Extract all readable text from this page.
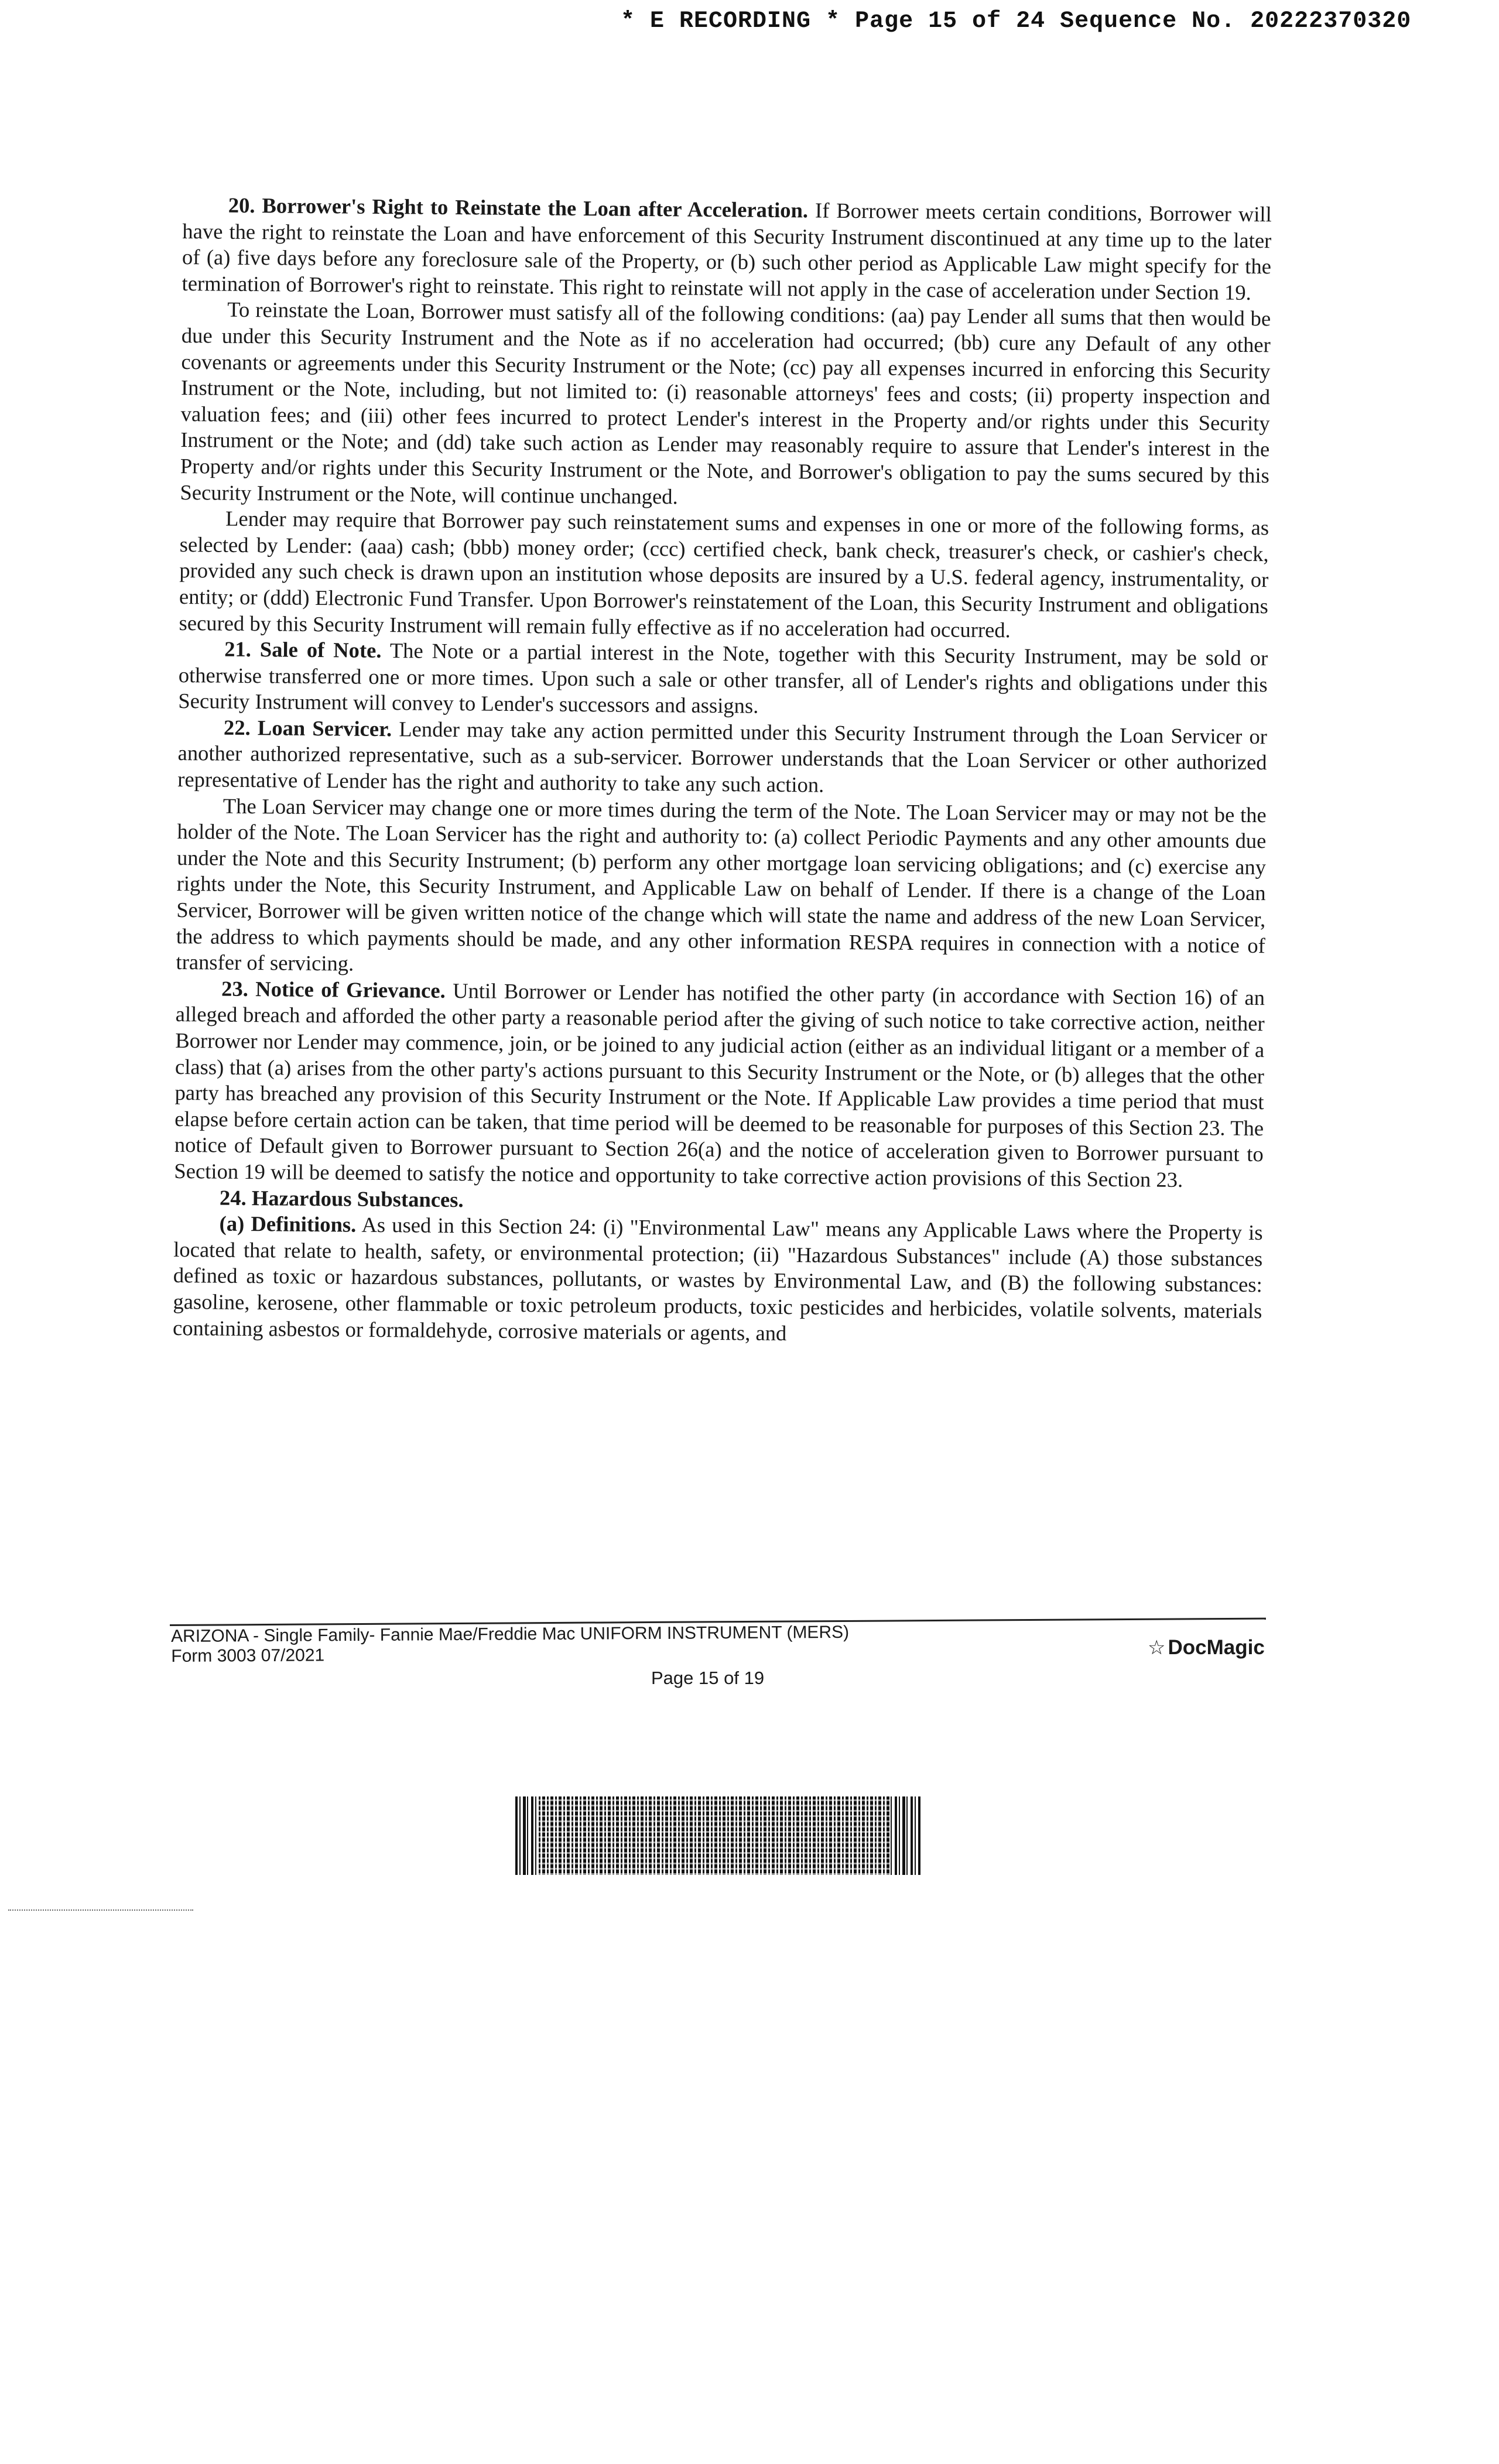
* E RECORDING * Page 15 of 24 Sequence No. 20222370320

20. Borrower's Right to Reinstate the Loan after Acceleration. If Borrower meets certain conditions, Borrower will have the right to reinstate the Loan and have enforcement of this Security Instrument discontinued at any time up to the later of (a) five days before any foreclosure sale of the Property, or (b) such other period as Applicable Law might specify for the termination of Borrower's right to reinstate. This right to reinstate will not apply in the case of acceleration under Section 19.

To reinstate the Loan, Borrower must satisfy all of the following conditions: (aa) pay Lender all sums that then would be due under this Security Instrument and the Note as if no acceleration had occurred; (bb) cure any Default of any other covenants or agreements under this Security Instrument or the Note; (cc) pay all expenses incurred in enforcing this Security Instrument or the Note, including, but not limited to: (i) reasonable attorneys' fees and costs; (ii) property inspection and valuation fees; and (iii) other fees incurred to protect Lender's interest in the Property and/or rights under this Security Instrument or the Note; and (dd) take such action as Lender may reasonably require to assure that Lender's interest in the Property and/or rights under this Security Instrument or the Note, and Borrower's obligation to pay the sums secured by this Security Instrument or the Note, will continue unchanged.

Lender may require that Borrower pay such reinstatement sums and expenses in one or more of the following forms, as selected by Lender: (aaa) cash; (bbb) money order; (ccc) certified check, bank check, treasurer's check, or cashier's check, provided any such check is drawn upon an institution whose deposits are insured by a U.S. federal agency, instrumentality, or entity; or (ddd) Electronic Fund Transfer. Upon Borrower's reinstatement of the Loan, this Security Instrument and obligations secured by this Security Instrument will remain fully effective as if no acceleration had occurred.

21. Sale of Note. The Note or a partial interest in the Note, together with this Security Instrument, may be sold or otherwise transferred one or more times. Upon such a sale or other transfer, all of Lender's rights and obligations under this Security Instrument will convey to Lender's successors and assigns.

22. Loan Servicer. Lender may take any action permitted under this Security Instrument through the Loan Servicer or another authorized representative, such as a sub-servicer. Borrower understands that the Loan Servicer or other authorized representative of Lender has the right and authority to take any such action.

The Loan Servicer may change one or more times during the term of the Note. The Loan Servicer may or may not be the holder of the Note. The Loan Servicer has the right and authority to: (a) collect Periodic Payments and any other amounts due under the Note and this Security Instrument; (b) perform any other mortgage loan servicing obligations; and (c) exercise any rights under the Note, this Security Instrument, and Applicable Law on behalf of Lender. If there is a change of the Loan Servicer, Borrower will be given written notice of the change which will state the name and address of the new Loan Servicer, the address to which payments should be made, and any other information RESPA requires in connection with a notice of transfer of servicing.

23. Notice of Grievance. Until Borrower or Lender has notified the other party (in accordance with Section 16) of an alleged breach and afforded the other party a reasonable period after the giving of such notice to take corrective action, neither Borrower nor Lender may commence, join, or be joined to any judicial action (either as an individual litigant or a member of a class) that (a) arises from the other party's actions pursuant to this Security Instrument or the Note, or (b) alleges that the other party has breached any provision of this Security Instrument or the Note. If Applicable Law provides a time period that must elapse before certain action can be taken, that time period will be deemed to be reasonable for purposes of this Section 23. The notice of Default given to Borrower pursuant to Section 26(a) and the notice of acceleration given to Borrower pursuant to Section 19 will be deemed to satisfy the notice and opportunity to take corrective action provisions of this Section 23.

24. Hazardous Substances.

(a) Definitions. As used in this Section 24: (i) "Environmental Law" means any Applicable Laws where the Property is located that relate to health, safety, or environmental protection; (ii) "Hazardous Substances" include (A) those substances defined as toxic or hazardous substances, pollutants, or wastes by Environmental Law, and (B) the following substances: gasoline, kerosene, other flammable or toxic petroleum products, toxic pesticides and herbicides, volatile solvents, materials containing asbestos or formaldehyde, corrosive materials or agents, and

ARIZONA - Single Family- Fannie Mae/Freddie Mac UNIFORM INSTRUMENT (MERS)
Form 3003 07/2021	☆ DocMagic
Page 15 of 19
